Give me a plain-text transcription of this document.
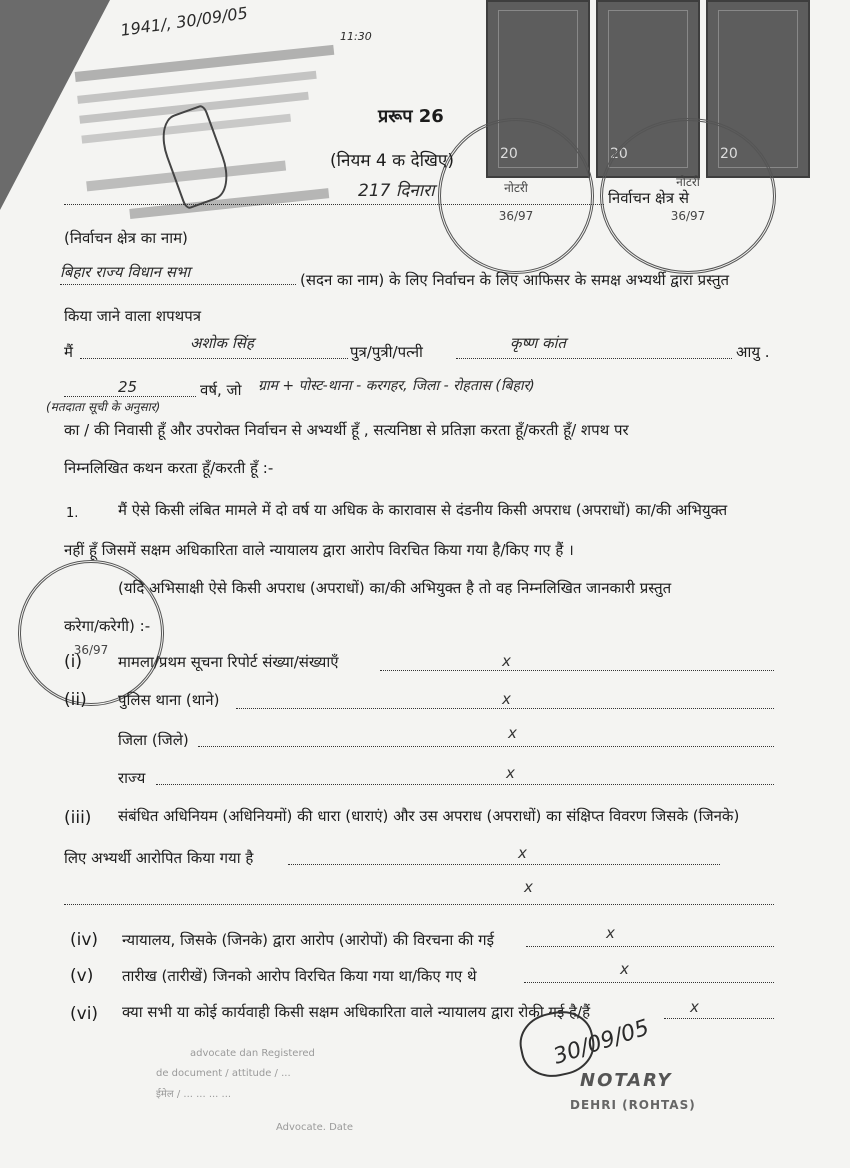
1941/, 30/09/05	11:30
20	20	20
नोटरी
36/97
नोटरी
36/97
प्ररूप 26
(नियम 4 क देखिए)
217 दिनारा	निर्वाचन क्षेत्र से
(निर्वाचन क्षेत्र का नाम)
बिहार राज्य विधान सभा	(सदन का नाम) के लिए निर्वाचन के लिए आफिसर के समक्ष अभ्यर्थी द्वारा प्रस्तुत
किया जाने वाला शपथपत्र
मैं	अशोक सिंह	पुत्र/पुत्री/पत्नी	कृष्ण कांत	आयु .
25	वर्ष, जो ग्राम + पोस्ट-थाना - करगहर, जिला - रोहतास (बिहार)
(मतदाता सूची के अनुसार)
का / की निवासी हूँ और उपरोक्त निर्वाचन से अभ्यर्थी हूँ , सत्यनिष्ठा से प्रतिज्ञा करता हूँ/करती हूँ/ शपथ पर
निम्नलिखित कथन करता हूँ/करती हूँ :-
1.	मैं ऐसे किसी लंबित मामले में दो वर्ष या अधिक के कारावास से दंडनीय किसी अपराध (अपराधों) का/की अभियुक्त
नहीं हूँ जिसमें सक्षम अधिकारिता वाले न्यायालय द्वारा आरोप विरचित किया गया है/किए गए हैं ।
36/97
(यदि अभिसाक्षी ऐसे किसी अपराध (अपराधों) का/की अभियुक्त है तो वह निम्नलिखित जानकारी प्रस्तुत
करेगा/करेगी) :-
(i) मामला/प्रथम सूचना रिपोर्ट संख्या/संख्याएँ	x
(ii) पुलिस थाना (थाने)	x
जिला (जिले)	x
राज्य	x
(iii) संबंधित अधिनियम (अधिनियमों) की धारा (धाराएं) और उस अपराध (अपराधों) का संक्षिप्त विवरण जिसके (जिनके)
लिए अभ्यर्थी आरोपित किया गया है	x
x
(iv) न्यायालय, जिसके (जिनके) द्वारा आरोप (आरोपों) की विरचना की गई	x
(v) तारीख (तारीखें) जिनको आरोप विरचित किया गया था/किए गए थे	x
(vi) क्या सभी या कोई कार्यवाही किसी सक्षम अधिकारिता वाले न्यायालय द्वारा रोकी गई है/हैं	x
30/09/05
NOTARY
DEHRI (ROHTAS)
advocate dan Registered
de document / attitude / ...
ईमेल / ... ... ... ...
Advocate. Date
